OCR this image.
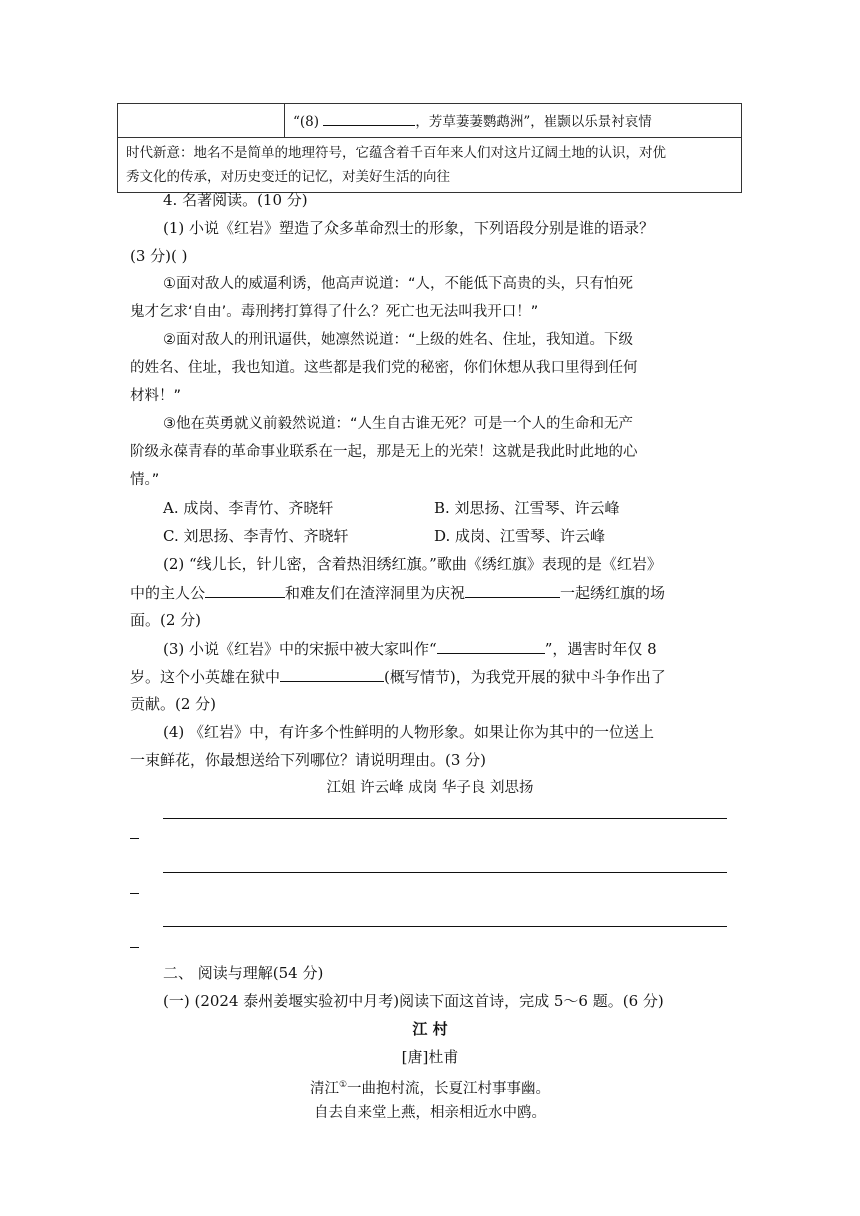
	“(8)	，芳草萋萋鹦鹉洲”，崔颢以乐景衬哀情

时代新意：地名不是简单的地理符号，它蕴含着千百年来人们对这片辽阔土地的认识，对优
秀文化的传承，对历史变迁的记忆，对美好生活的向往
4. 名著阅读。(10 分)
(1) 小说《红岩》塑造了众多革命烈士的形象，下列语段分别是谁的语录？
(3 分)( )
①面对敌人的威逼利诱，他高声说道：“人，不能低下高贵的头，只有怕死
鬼才乞求‘自由’。毒刑拷打算得了什么？死亡也无法叫我开口！”
②面对敌人的刑讯逼供，她凛然说道：“上级的姓名、住址，我知道。下级
的姓名、住址，我也知道。这些都是我们党的秘密，你们休想从我口里得到任何
材料！”
③他在英勇就义前毅然说道：“人生自古谁无死？可是一个人的生命和无产
阶级永葆青春的革命事业联系在一起，那是无上的光荣！这就是我此时此地的心
情。”
A. 成岗、李青竹、齐晓轩	B. 刘思扬、江雪琴、许云峰
C. 刘思扬、李青竹、齐晓轩	D. 成岗、江雪琴、许云峰
(2) “线儿长，针儿密，含着热泪绣红旗。”歌曲《绣红旗》表现的是《红岩》
中的主人公	和难友们在渣滓洞里为庆祝	一起绣红旗的场
面。(2 分)
(3) 小说《红岩》中的宋振中被大家叫作“	”，遇害时年仅 8
岁。这个小英雄在狱中	(概写情节)，为我党开展的狱中斗争作出了
贡献。(2 分)
(4) 《红岩》中，有许多个性鲜明的人物形象。如果让你为其中的一位送上
一束鲜花，你最想送给下列哪位？请说明理由。(3 分)
江姐 许云峰 成岗 华子良 刘思扬
二、 阅读与理解(54 分)
(一) (2024 泰州姜堰实验初中月考)阅读下面这首诗，完成 5～6 题。(6 分)
江 村
[唐]杜甫
清江①一曲抱村流，长夏江村事事幽。
自去自来堂上燕，相亲相近水中鸥。
